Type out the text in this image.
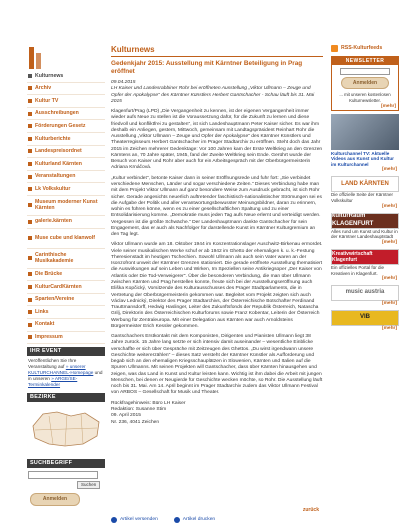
Kulturnews
Archiv
Kultur TV
Ausschreibungen
Förderungen Gesetz
Kulturberichte
Landespreisordnet
Kulturland Kärnten
Veranstaltungen
Lk Volkskultur
Museum moderner Kunst Kärnten
galerie.kärnten
Muse cube und klanwolf
Carinthische Musikakademie
Die Brücke
KulturCardKärnten
Sparten/Vereine
Links
Kontakt
Impressum
IHR EVENT
Veröffentlichen Sie Ihre Veranstaltung auf » unserer KULTURCHANNEL-Homepage und in unseren » ARGE/SE-Terminkalender
BEZIRKE
SUCHBEGRIFF
Suchen
Anmelden
Kulturnews
Gedenkjahr 2015: Ausstellung mit Kärntner Beteiligung in Prag eröffnet
09.04.2015
LH Kaiser und Landesrabbiner Rohr bei eröffneten Ausstellung „Viktor Ullmann – Zeuge und Opfer der Apokalypse" des Kärntner Künstlers Herbert Gantschacher - Schau läuft bis 31. Mai 2015
Klagenfurt/Prag (LPD) „Die Vergangenheit zu kennen, ist der eigenen Vergangenheit immer wieder aufs Neue zu stellen ist die Voraussetzung dafür, für die Zukunft zu lernen und diese friedvoll und konfliktfrei zu gestalten", ist sich Landeshauptmann Peter Kaiser sicher. Es war ihm deshalb ein Anliegen, gestern, Mittwoch, gemeinsam mit Landtagspräsident Reinhart Rohr die Ausstellung „Viktor Ullmann – Zeuge und Opfer der Apokalypse" des Kärntner Künstlers und Theaterregisseurs Herbert Gantschacher im Prager Stadtarchiv zu eröffnen. Steht doch das Jahr 2015 im Zeichen mehrerer Gedenktage: Vor 100 Jahren kam der Erste Weltkrieg an den Grenzen Kärntens an, 70 Jahre später, 1945, fand der Zweite Weltkrieg sein Ende. Gerührt wurde der Besuch von Kaiser und Rohr aber auch für ein Arbeitsgespräch mit der Oberbürgermeisterin Adriana Krnáčová.
„Kultur verbindet", betonte Kaiser dann in seiner Eröffnungsrede und fuhr fort: „Sie verbindet verschiedene Menschen, Länder und sogar verschiedene Zeiten." Dieses Verbindung habe man mit dem Projekt Viktor Ullmann auf ganz besondere Weise zum Ausdruck gebracht, ist sich Rohr sicher. Gerade angesichts neuerlich auftretender faschistisch-nationalistischer Strömungen sei es die Aufgabe der Politik und aller verantwortungsbewusster Meinungsbildner, daran zu erinnern, wohin es führen könne, wenn es zu einer gesellschaftlichen Spaltung und zu einer Entsolidarisierung komme. „Demokratie muss jeden Tag aufs Neue erlernt und verteidigt werden. Vergessen ist die größte Schwäche." Der Landeshauptmann dankte Gantschacher für sein Engagement, das er auch als Nachfolger für darstellende Kunst im Kärntner Kulturgremium an den Tag legt.
Viktor Ullmann wurde am 18. Oktober 1944 im Konzentrationslager Auschwitz-Birkenau ermordet. Viele seiner musikalischen Werke schuf er ab 1942 im Ghetto der ehemaligen k. u. k.-Festung Theresienstadt im heutigen Tschechien. Sowohl Ullmann als auch sein Vater waren an der Isonzofront unweit der Kärntner Grenzen stationiert. Die gerade eröffnete Ausstellung thematisiert die Auswirkungen auf sein Leben und Wirken, Im Speziellen seine Antikriegsoper „Der Kaiser von Atlantis oder Die Tod-Verweigerer". Über die besonderen Verbindung, die man über Ullmann zwischen Kärnten und Prag herstellen konnte, freute sich bei der Ausstellungseröffnung auch Eliška Kopčický, Vorsitzende des Kulturausschusses des Prager Stadtparlaments, die in Vertretung der Oberbürgermeisterin gekommen war. Begleitet vom Projekt zeigten sich auch Václav Lednický, Direktor des Prager Stadtarchivs, der Österreichische Botschafter Ferdinand Trauttmansdorff, Hedwig Haslinger, Leiter des Zukunftsfonds der Republik Österreich, Natascha Grilj, Direktorin des Österreichischen Kulturforums sowie Franz Kobentar, Leiterin der Österreich Werbung für Zentraleuropa. Mit einer Delegation aus Kärnten war auch Arnoldsteins Bürgermeister Erich Kessler gekommen.
Gantschachers Erstkontakt mit dem Komponisten, Dirigenten und Pianisten Ullmann liegt 38 Jahre zurück. 15 Jahre lang setzte er sich intensiv damit auseinander – wesentliche Einblicke verschaffte er sich über Gespräche mit Zeitzeugen des Ghettos. „Du wirst irgendwann unsere Geschichte weitererzählen" – dieses Satz versteht der Kärntner Künstler als Aufforderung und begab sich an den ehemaligen Kriegsschauplätzen in Slowenien, Kärnten und Italien auf die Spuren Ullmanns. Mit seinen Projekten will Gantschacher, dass über Kärnten hinausgehen und zeigen, was das Land in Kunst und Kultur leisten kann. Wichtig ist ihm dabei die Arbeit mit jungen Menschen, bei denen er Neugierde für Geschichte wecken möchte, so Rohr. Die Ausstellung läuft noch bis 31. Mai. Am 14. April beginnt im Prager Stadtarchiv zudem das Viktor Ullmann Festival von ARBOS – Gesellschaft für Musik und Theater.
Rückfragehinweis: Büro LH Kaiser
Redaktion: Susanne Stim
09. April 2015
Nr. 236, 4041 Zeichen
zurück
Artikel versenden	Artikel drucken
RSS-Kulturfeeds
NEWSLETTER
Anmelden
... mit unseren kostenlosen Kulturnewsletter.
[mehr]
Kulturchannel TV: Aktuelle Videos aus Kunst und Kultur im Kulturchannel
[mehr]
LAND KÄRNTEN
Die offizielle Seite der Kärntner Volkskultur
[mehr]
kulturRaum KLAGENFURT
Alles rund um Kunst und Kultur in der Kärntner Landeshauptstadt
[mehr]
Kreativwirtschaft Klagenfurt
Ein offizielles Portal für die Kreativen in Klagenfurt.
[mehr]
music austria
[mehr]
VIB
[mehr]
